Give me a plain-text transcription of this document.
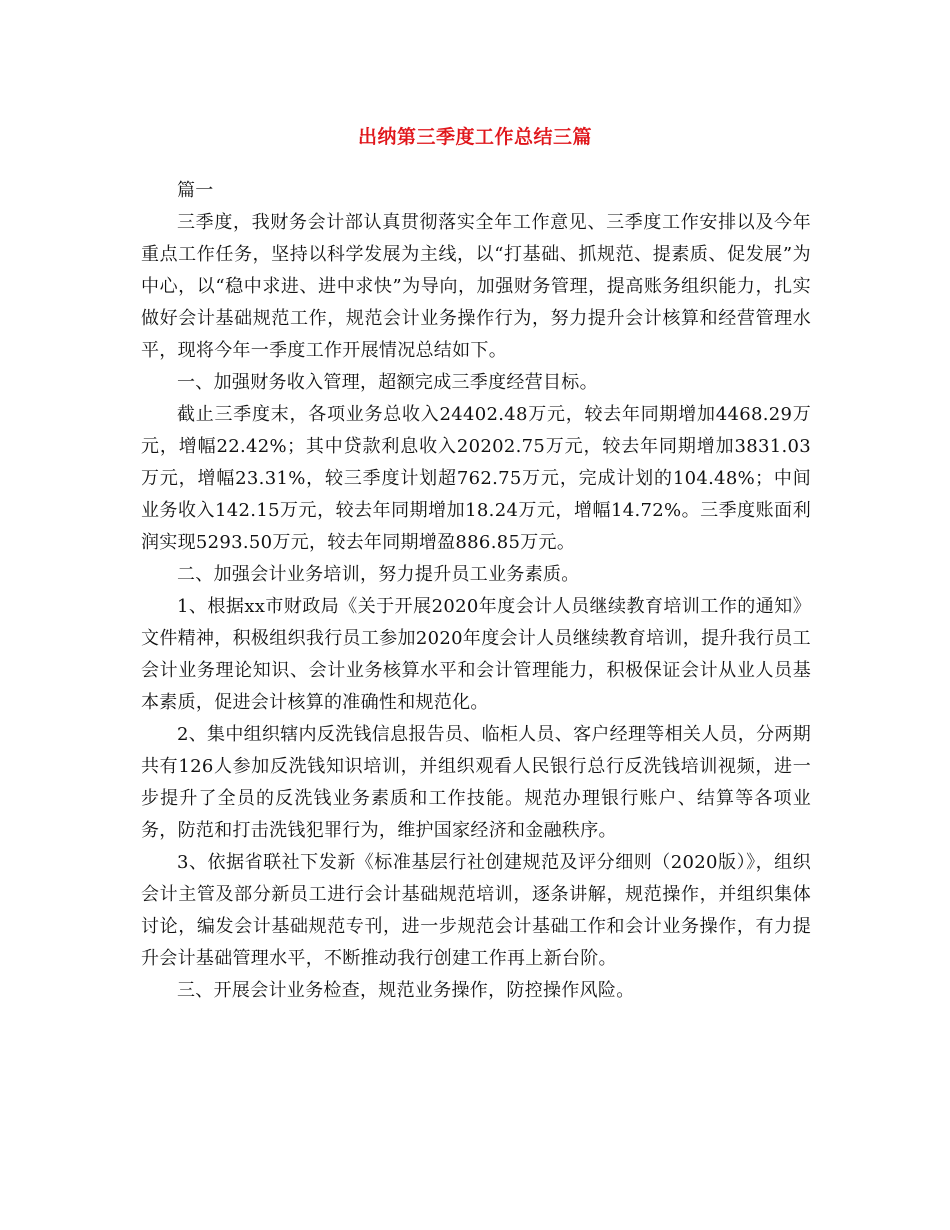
出纳第三季度工作总结三篇

篇一

三季度，我财务会计部认真贯彻落实全年工作意见、三季度工作安排以及今年重点工作任务，坚持以科学发展为主线，以“打基础、抓规范、提素质、促发展”为中心，以“稳中求进、进中求快”为导向，加强财务管理，提高账务组织能力，扎实做好会计基础规范工作，规范会计业务操作行为，努力提升会计核算和经营管理水平，现将今年一季度工作开展情况总结如下。

一、加强财务收入管理，超额完成三季度经营目标。

截止三季度末，各项业务总收入24402.48万元，较去年同期增加4468.29万元，增幅22.42%；其中贷款利息收入20202.75万元，较去年同期增加3831.03万元，增幅23.31%，较三季度计划超762.75万元，完成计划的104.48%；中间业务收入142.15万元，较去年同期增加18.24万元，增幅14.72%。三季度账面利润实现5293.50万元，较去年同期增盈886.85万元。

二、加强会计业务培训，努力提升员工业务素质。

1、根据xx市财政局《关于开展2020年度会计人员继续教育培训工作的通知》文件精神，积极组织我行员工参加2020年度会计人员继续教育培训，提升我行员工会计业务理论知识、会计业务核算水平和会计管理能力，积极保证会计从业人员基本素质，促进会计核算的准确性和规范化。

2、集中组织辖内反洗钱信息报告员、临柜人员、客户经理等相关人员，分两期共有126人参加反洗钱知识培训，并组织观看人民银行总行反洗钱培训视频，进一步提升了全员的反洗钱业务素质和工作技能。规范办理银行账户、结算等各项业务，防范和打击洗钱犯罪行为，维护国家经济和金融秩序。

3、依据省联社下发新《标准基层行社创建规范及评分细则（2020版）》，组织会计主管及部分新员工进行会计基础规范培训，逐条讲解，规范操作，并组织集体讨论，编发会计基础规范专刊，进一步规范会计基础工作和会计业务操作，有力提升会计基础管理水平，不断推动我行创建工作再上新台阶。

三、开展会计业务检查，规范业务操作，防控操作风险。
